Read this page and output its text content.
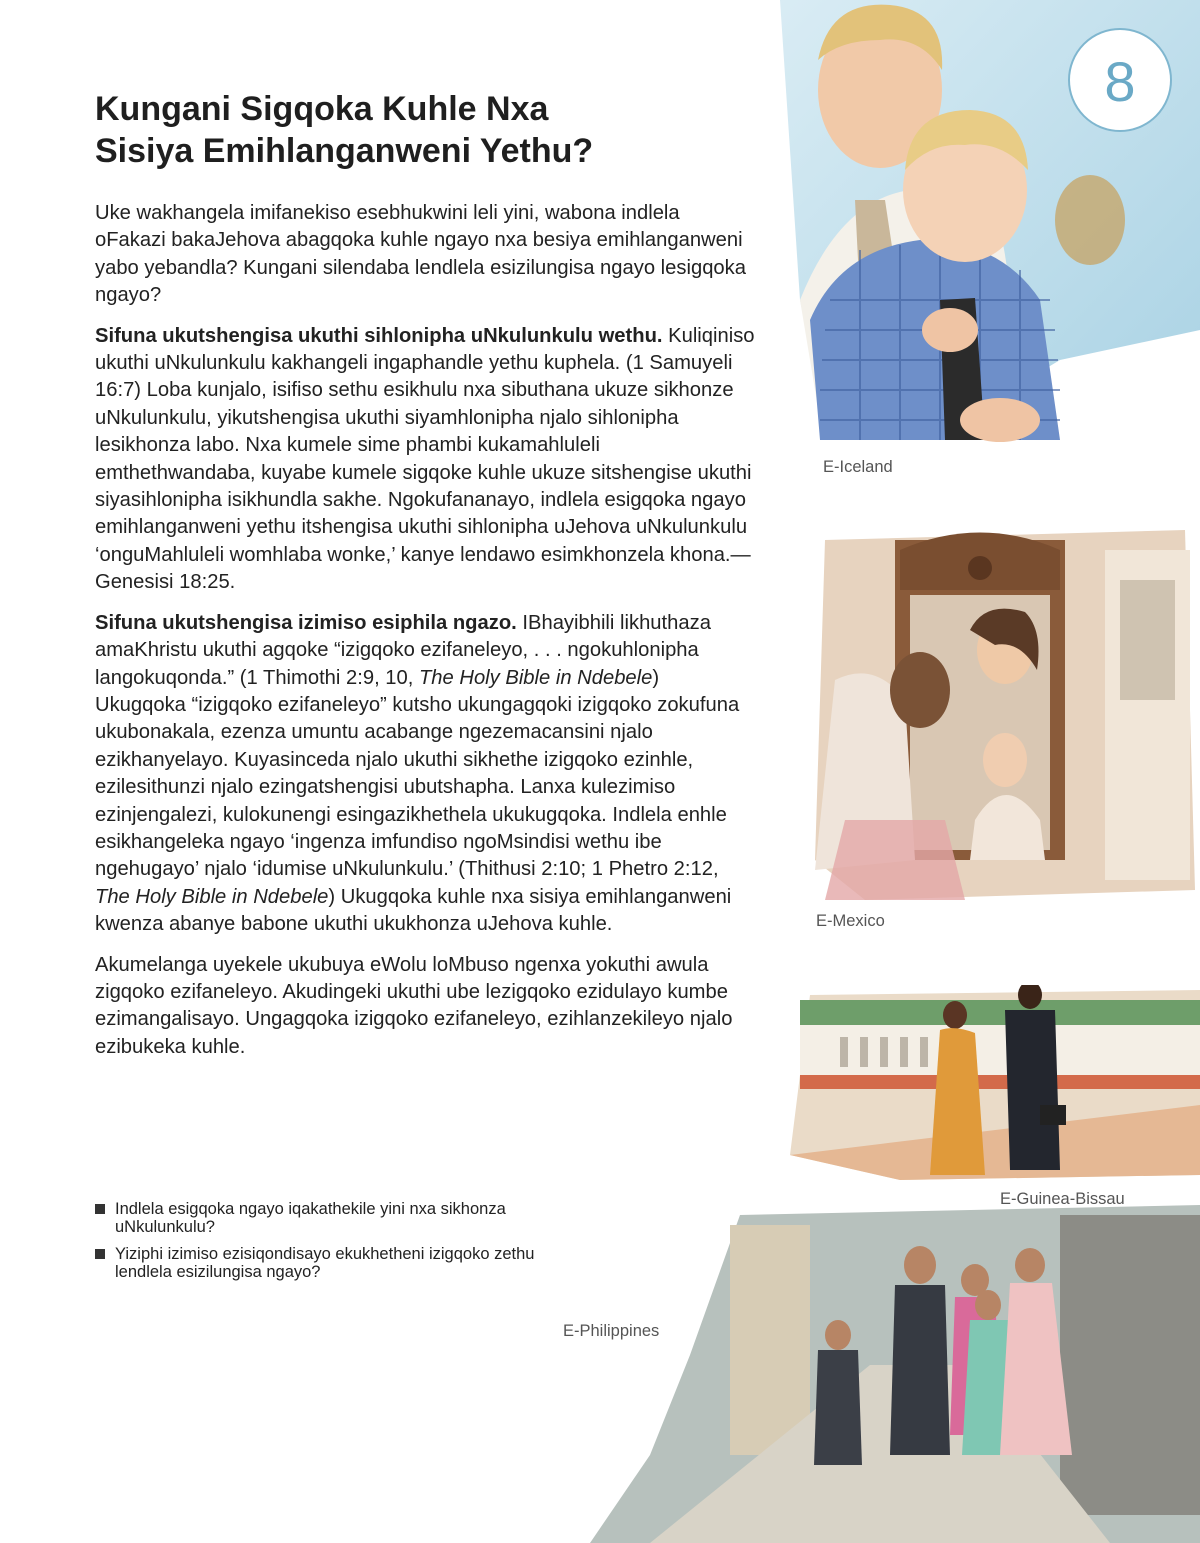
8
Kungani Sigqoka Kuhle Nxa
Sisiya Emihlanganweni Yethu?

Uke wakhangela imifanekiso esebhukwini leli yini, wabona indlela oFakazi bakaJehova abagqoka kuhle ngayo nxa besiya emihlanganweni yabo yebandla? Kungani silendaba lendlela esizilungisa ngayo lesigqoka ngayo?

Sifuna ukutshengisa ukuthi sihlonipha uNkulunkulu wethu. Kuliqiniso ukuthi uNkulunkulu kakhangeli ingaphandle yethu kuphela. (1 Samuyeli 16:7) Loba kunjalo, isifiso sethu esikhulu nxa sibuthana ukuze sikhonze uNkulunkulu, yikutshengisa ukuthi siyamhlonipha njalo sihlonipha lesikhonza labo. Nxa kumele sime phambi kukamahluleli emthethwandaba, kuyabe kumele sigqoke kuhle ukuze sitshengise ukuthi siyasihlonipha isikhundla sakhe. Ngokufananayo, indlela esigqoka ngayo emihlanganweni yethu itshengisa ukuthi sihlonipha uJehova uNkulunkulu ‘onguMahluleli womhlaba wonke,’ kanye lendawo esimkhonzela khona.—Genesisi 18:25.

Sifuna ukutshengisa izimiso esiphila ngazo. IBhayibhili likhuthaza amaKhristu ukuthi agqoke “izigqoko ezifaneleyo, . . . ngokuhlonipha langokuqonda.” (1 Thimothi 2:9, 10, The Holy Bible in Ndebele) Ukugqoka “izigqoko ezifaneleyo” kutsho ukungagqoki izigqoko zokufuna ukubonakala, ezenza umuntu acabange ngezemacansini njalo ezikhanyelayo. Kuyasinceda njalo ukuthi sikhethe izigqoko ezinhle, ezilesithunzi njalo ezingatshengisi ubutshapha. Lanxa kulezimiso ezinjengalezi, kulokunengi esingazikhethela ukukugqoka. Indlela enhle esikhangeleka ngayo ‘ingenza imfundiso ngoMsindisi wethu ibe ngehugayo’ njalo ‘idumise uNkulunkulu.’ (Thithusi 2:10; 1 Phetro 2:12, The Holy Bible in Ndebele) Ukugqoka kuhle nxa sisiya emihlanganweni kwenza abanye babone ukuthi ukukhonza uJehova kuhle.

Akumelanga uyekele ukubuya eWolu loMbuso ngenxa yokuthi awula zigqoko ezifaneleyo. Akudingeki ukuthi ube lezigqoko ezidulayo kumbe ezimangalisayo. Ungagqoka izigqoko ezifaneleyo, ezihlanzekileyo njalo ezibukeka kuhle.

Indlela esigqoka ngayo iqakathekile yini nxa sikhonza uNkulunkulu?
Yiziphi izimiso ezisiqondisayo ekukhetheni izigqoko zethu lendlela esizilungisa ngayo?
E-Iceland
E-Mexico
E-Guinea-Bissau
E-Philippines
